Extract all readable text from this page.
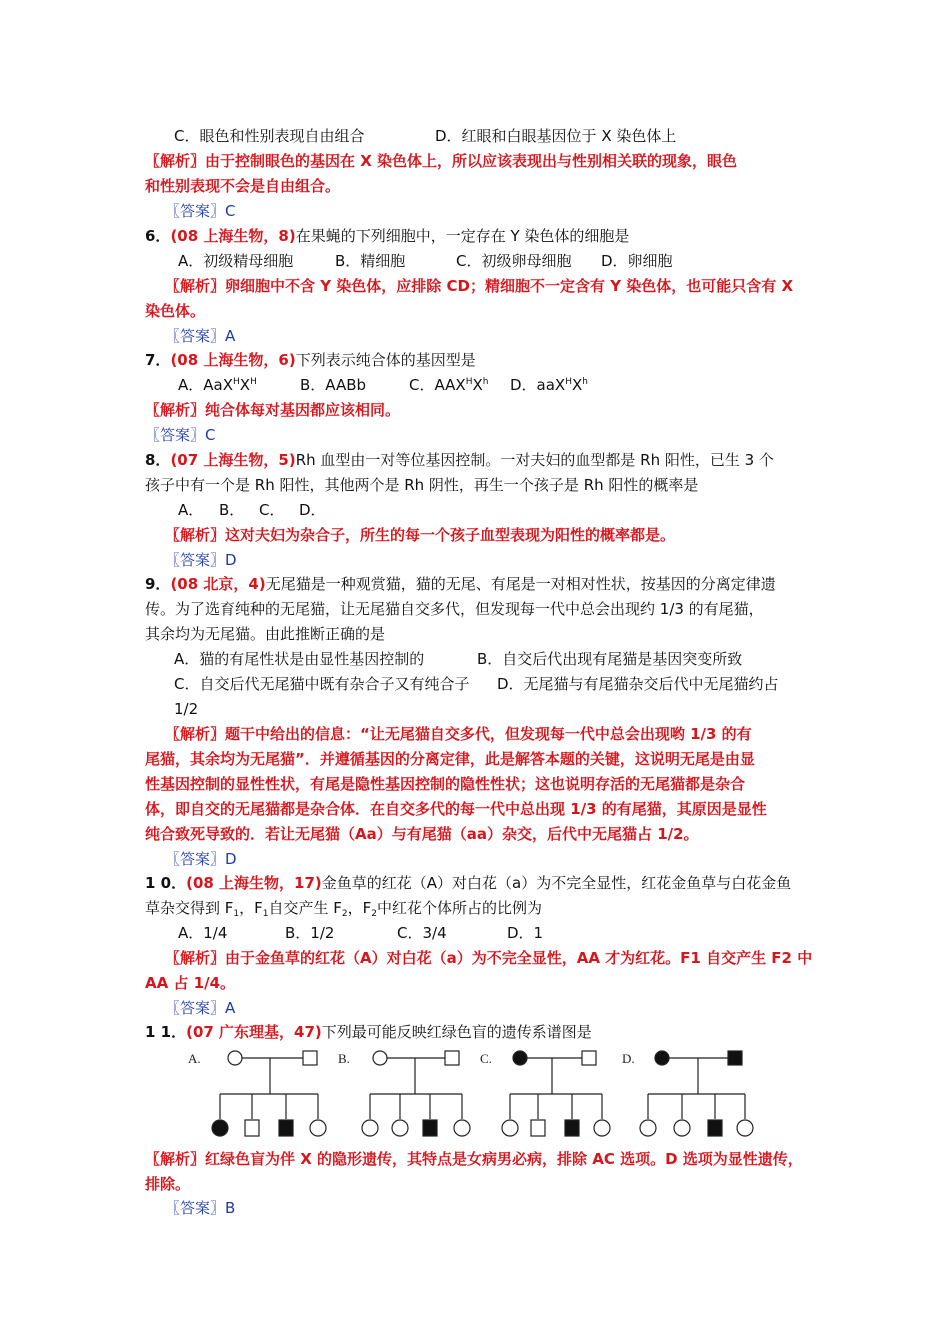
C．眼色和性别表现自由组合	D．红眼和白眼基因位于 X 染色体上
〖解析〗由于控制眼色的基因在 X 染色体上，所以应该表现出与性别相关联的现象，眼色
和性别表现不会是自由组合。
〖答案〗C
6．(08 上海生物，8)在果蝇的下列细胞中，一定存在 Y 染色体的细胞是
A．初级精母细胞	B．精细胞	C．初级卵母细胞 D．卵细胞
〖解析〗卵细胞中不含 Y 染色体，应排除 CD；精细胞不一定含有 Y 染色体，也可能只含有 X
染色体。
〖答案〗A
7．(08 上海生物，6)下列表示纯合体的基因型是
A．$AaX^HX^H$	B．AABb	C．$AAX^HX^h$ D．$aaX^HX^h$
〖解析〗纯合体每对基因都应该相同。
〖答案〗C
8．(07 上海生物，5)Rh 血型由一对等位基因控制。一对夫妇的血型都是 Rh 阳性，已生 3 个
孩子中有一个是 Rh 阳性，其他两个是 Rh 阴性，再生一个孩子是 Rh 阳性的概率是
A． B． C． D．
〖解析〗这对夫妇为杂合子，所生的每一个孩子血型表现为阳性的概率都是。
〖答案〗D
9．(08 北京，4)无尾猫是一种观赏猫，猫的无尾、有尾是一对相对性状，按基因的分离定律遗
传。为了选育纯种的无尾猫，让无尾猫自交多代，但发现每一代中总会出现约 1/3 的有尾猫，
其余均为无尾猫。由此推断正确的是
A．猫的有尾性状是由显性基因控制的	B．自交后代出现有尾猫是基因突变所致
C．自交后代无尾猫中既有杂合子又有纯合子 D．无尾猫与有尾猫杂交后代中无尾猫约占
1/2
〖解析〗题干中给出的信息：“让无尾猫自交多代，但发现每一代中总会出现哟 1/3 的有
尾猫，其余均为无尾猫”．并遵循基因的分离定律，此是解答本题的关键，这说明无尾是由显
性基因控制的显性性状，有尾是隐性基因控制的隐性性状；这也说明存活的无尾猫都是杂合
体，即自交的无尾猫都是杂合体．在自交多代的每一代中总出现 1/3 的有尾猫，其原因是显性
纯合致死导致的．若让无尾猫（Aa）与有尾猫（aa）杂交，后代中无尾猫占 1/2。
〖答案〗D
1 0．(08 上海生物，17)金鱼草的红花（A）对白花（a）为不完全显性，红花金鱼草与白花金鱼
草杂交得到 $F_1$，$F_1$自交产生 $F_2$，$F_2$中红花个体所占的比例为
A．1/4	B．1/2	C．3/4	D．1
〖解析〗由于金鱼草的红花（A）对白花（a）为不完全显性，AA 才为红花。F1 自交产生 F2 中
AA 占 1/4。
〖答案〗A
1 1．(07 广东理基，47)下列最可能反映红绿色盲的遗传系谱图是
A.	B.	C.	D.
〖解析〗红绿色盲为伴 X 的隐形遗传，其特点是女病男必病，排除 AC 选项。D 选项为显性遗传，
排除。
〖答案〗B
